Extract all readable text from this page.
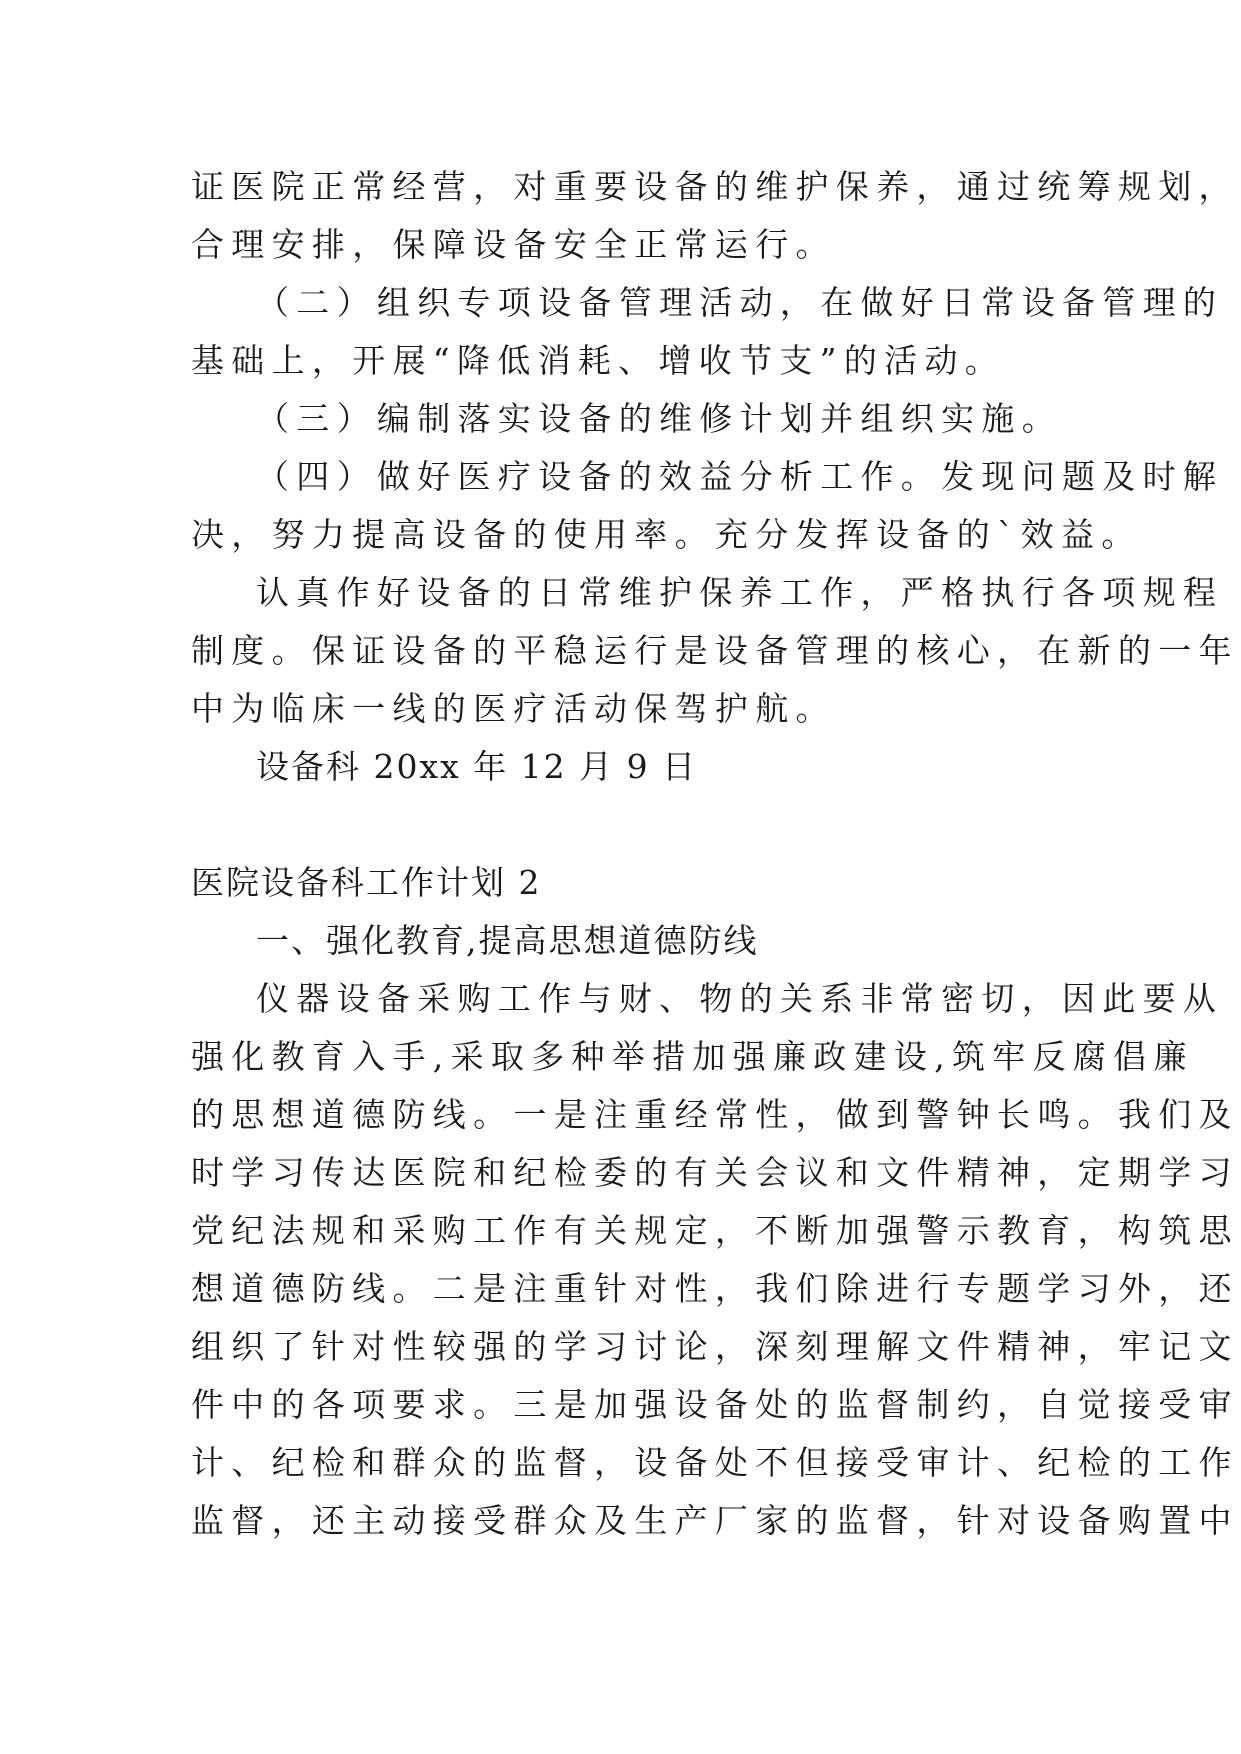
证医院正常经营，对重要设备的维护保养，通过统筹规划，
合理安排，保障设备安全正常运行。
（二）组织专项设备管理活动，在做好日常设备管理的
基础上，开展“降低消耗、增收节支”的活动。
（三）编制落实设备的维修计划并组织实施。
（四）做好医疗设备的效益分析工作。发现问题及时解
决，努力提高设备的使用率。充分发挥设备的`效益。
认真作好设备的日常维护保养工作，严格执行各项规程
制度。保证设备的平稳运行是设备管理的核心，在新的一年
中为临床一线的医疗活动保驾护航。
设备科 20xx 年 12 月 9 日
医院设备科工作计划 2
一、强化教育,提高思想道德防线
仪器设备采购工作与财、物的关系非常密切，因此要从
强化教育入手,采取多种举措加强廉政建设,筑牢反腐倡廉
的思想道德防线。一是注重经常性，做到警钟长鸣。我们及
时学习传达医院和纪检委的有关会议和文件精神，定期学习
党纪法规和采购工作有关规定，不断加强警示教育，构筑思
想道德防线。二是注重针对性，我们除进行专题学习外，还
组织了针对性较强的学习讨论，深刻理解文件精神，牢记文
件中的各项要求。三是加强设备处的监督制约，自觉接受审
计、纪检和群众的监督，设备处不但接受审计、纪检的工作
监督，还主动接受群众及生产厂家的监督，针对设备购置中
